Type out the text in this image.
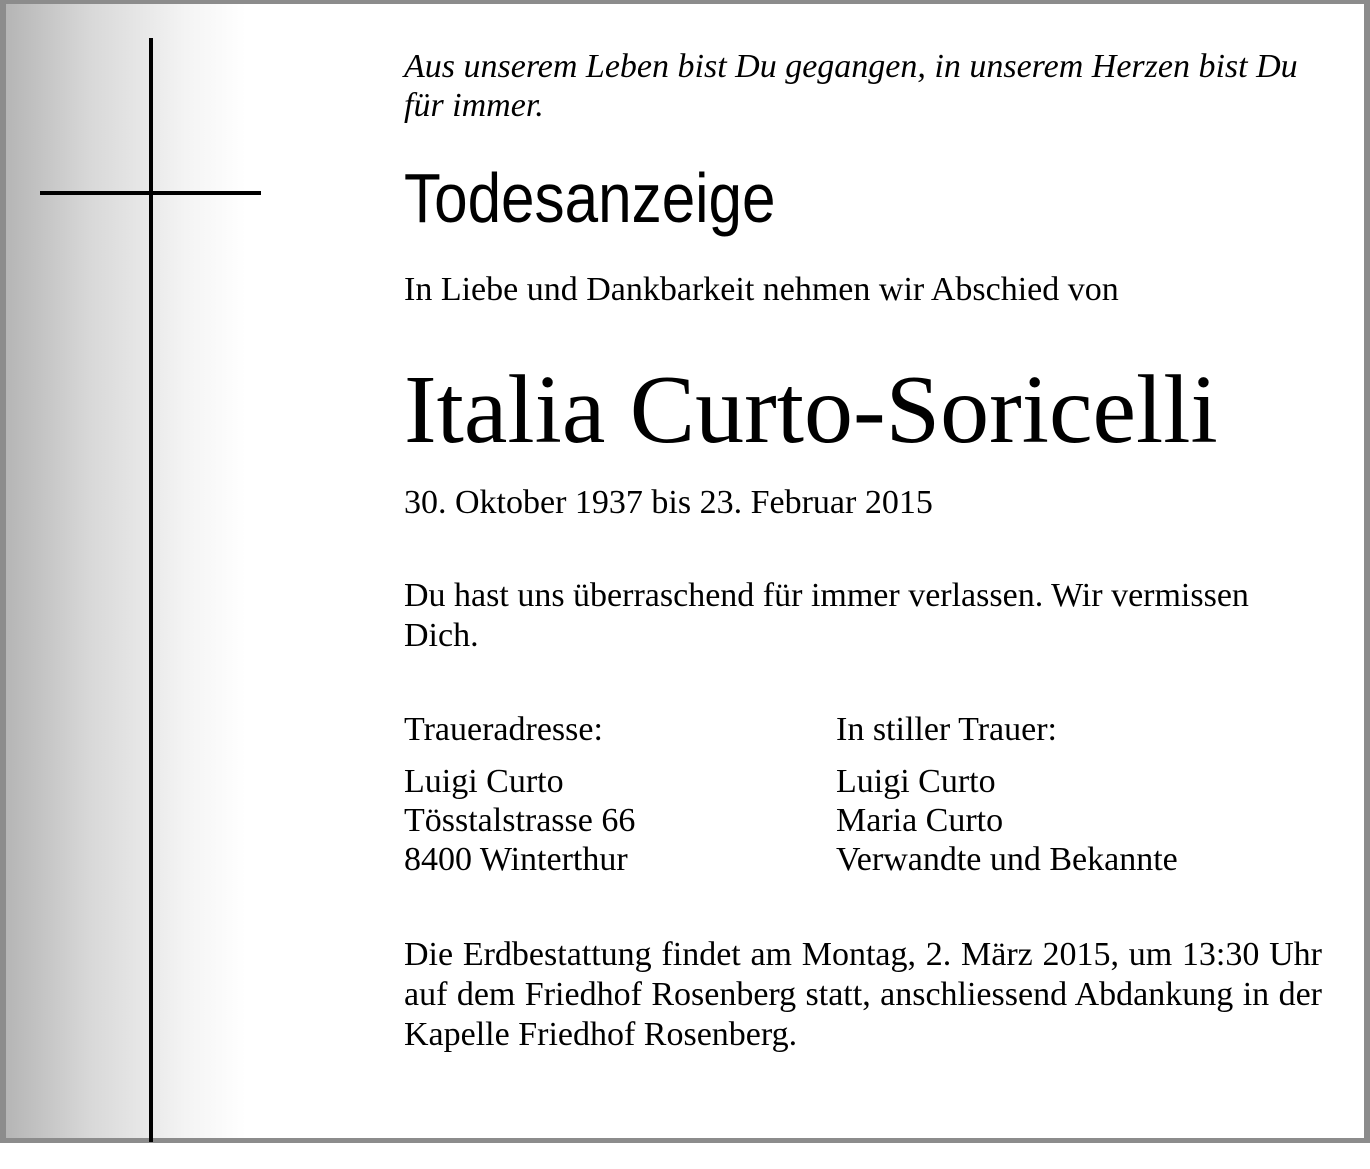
Aus unserem Leben bist Du gegangen, in unserem Herzen bist Du für immer.
Todesanzeige
In Liebe und Dankbarkeit nehmen wir Abschied von
Italia Curto-Soricelli
30. Oktober 1937 bis 23. Februar 2015
Du hast uns überraschend für immer verlassen. Wir vermissen Dich.
Traueradresse:
Luigi Curto
Tösstalstrasse 66
8400 Winterthur
In stiller Trauer:
Luigi Curto
Maria Curto
Verwandte und Bekannte
Die Erdbestattung findet am Montag, 2. März 2015, um 13:30 Uhr auf dem Friedhof Rosenberg statt, anschliessend Abdankung in der Kapelle Friedhof Rosenberg.
